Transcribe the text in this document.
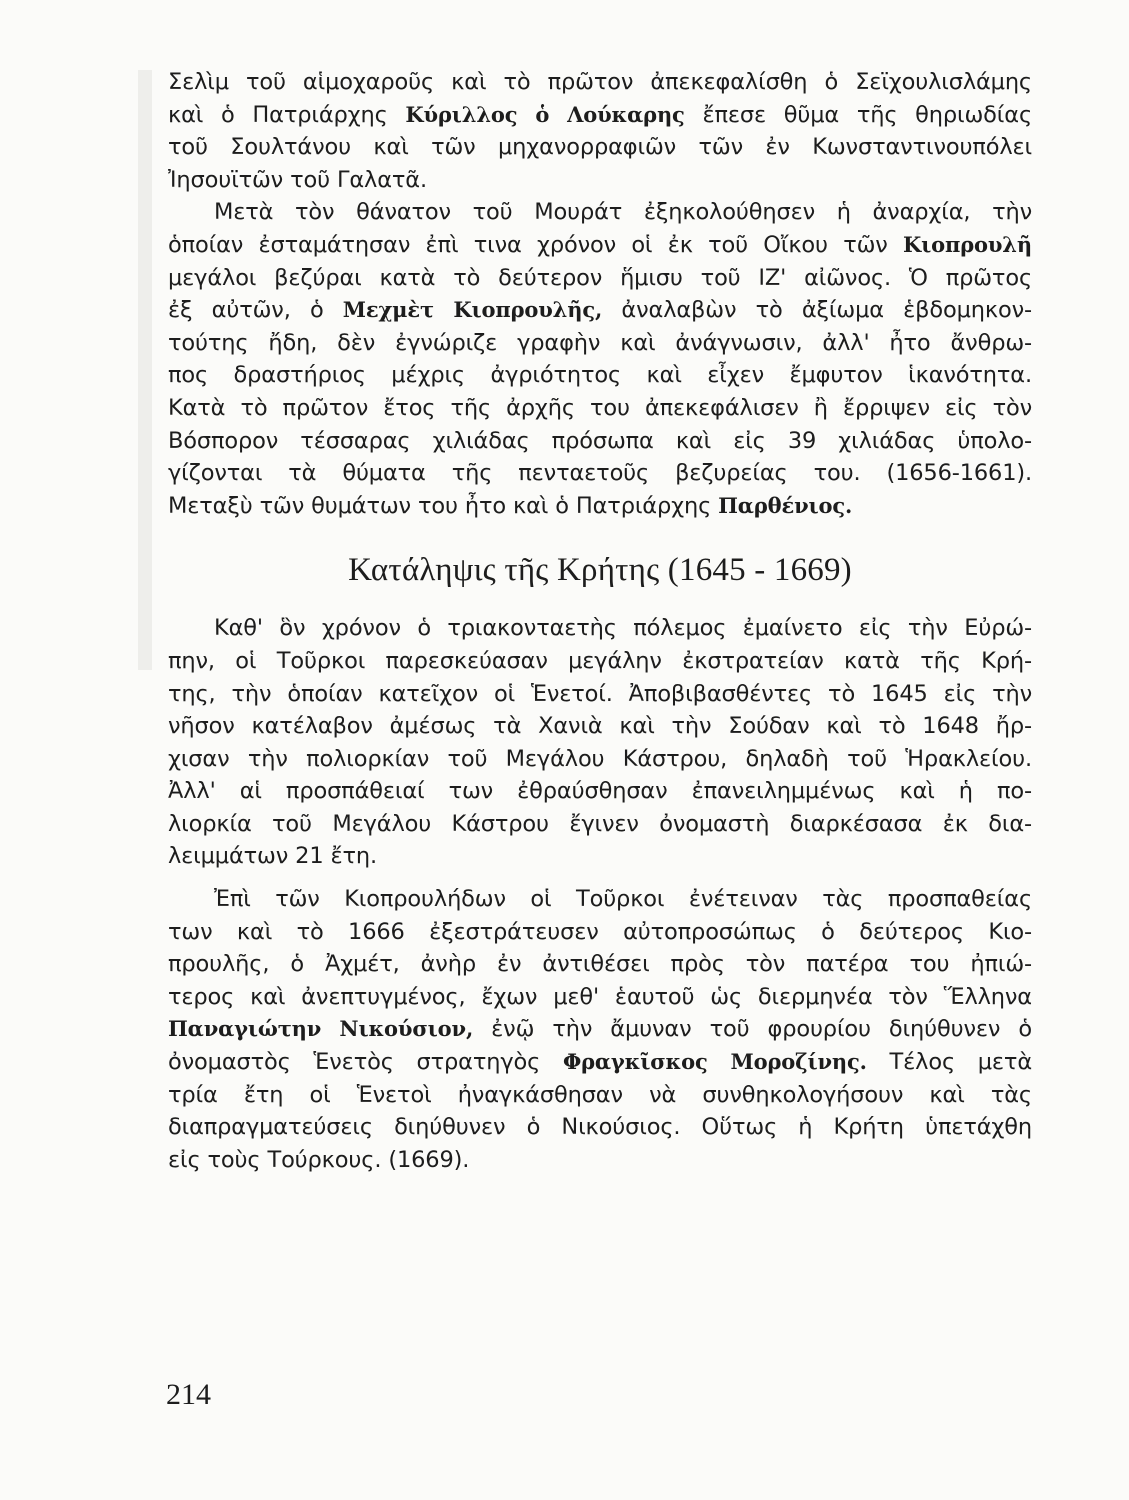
Σελὶμ τοῦ αἱμοχαροῦς καὶ τὸ πρῶτον ἀπεκεφαλίσθη ὁ Σεϊχουλισλάμης
καὶ ὁ Πατριάρχης Κύριλλος ὁ Λούκαρης ἔπεσε θῦμα τῆς θηριωδίας
τοῦ Σουλτάνου καὶ τῶν μηχανορραφιῶν τῶν ἐν Κωνσταντινουπόλει
Ἰησουϊτῶν τοῦ Γαλατᾶ.
Μετὰ τὸν θάνατον τοῦ Μουράτ ἐξηκολούθησεν ἡ ἀναρχία, τὴν
ὁποίαν ἐσταμάτησαν ἐπὶ τινα χρόνον οἱ ἐκ τοῦ Οἴκου τῶν Κιοπρουλῆ
μεγάλοι βεζύραι κατὰ τὸ δεύτερον ἥμισυ τοῦ ΙΖ' αἰῶνος. Ὁ πρῶτος
ἐξ αὐτῶν, ὁ Μεχμὲτ Κιοπρουλῆς, ἀναλαβὼν τὸ ἀξίωμα ἑβδομηκον-
τούτης ἤδη, δὲν ἐγνώριζε γραφὴν καὶ ἀνάγνωσιν, ἀλλ' ἦτο ἄνθρω-
πος δραστήριος μέχρις ἀγριότητος καὶ εἶχεν ἔμφυτον ἱκανότητα.
Κατὰ τὸ πρῶτον ἔτος τῆς ἀρχῆς του ἀπεκεφάλισεν ἢ ἔρριψεν εἰς τὸν
Βόσπορον τέσσαρας χιλιάδας πρόσωπα καὶ εἰς 39 χιλιάδας ὑπολο-
γίζονται τὰ θύματα τῆς πενταετοῦς βεζυρείας του. (1656-1661).
Μεταξὺ τῶν θυμάτων του ἦτο καὶ ὁ Πατριάρχης Παρθένιος.
Κατάληψις τῆς Κρήτης (1645 - 1669)
Καθ' ὃν χρόνον ὁ τριακονταετὴς πόλεμος ἐμαίνετο εἰς τὴν Εὐρώ-
πην, οἱ Τοῦρκοι παρεσκεύασαν μεγάλην ἐκστρατείαν κατὰ τῆς Κρή-
της, τὴν ὁποίαν κατεῖχον οἱ Ἑνετοί. Ἀποβιβασθέντες τὸ 1645 εἰς τὴν
νῆσον κατέλαβον ἀμέσως τὰ Χανιὰ καὶ τὴν Σούδαν καὶ τὸ 1648 ἤρ-
χισαν τὴν πολιορκίαν τοῦ Μεγάλου Κάστρου, δηλαδὴ τοῦ Ἡρακλείου.
Ἀλλ' αἱ προσπάθειαί των ἐθραύσθησαν ἐπανειλημμένως καὶ ἡ πο-
λιορκία τοῦ Μεγάλου Κάστρου ἔγινεν ὀνομαστὴ διαρκέσασα ἐκ δια-
λειμμάτων 21 ἔτη.
Ἐπὶ τῶν Κιοπρουλήδων οἱ Τοῦρκοι ἐνέτειναν τὰς προσπαθείας
των καὶ τὸ 1666 ἐξεστράτευσεν αὐτοπροσώπως ὁ δεύτερος Κιο-
προυλῆς, ὁ Ἀχμέτ, ἀνὴρ ἐν ἀντιθέσει πρὸς τὸν πατέρα του ἠπιώ-
τερος καὶ ἀνεπτυγμένος, ἔχων μεθ' ἑαυτοῦ ὡς διερμηνέα τὸν Ἕλληνα
Παναγιώτην Νικούσιον, ἐνῷ τὴν ἄμυναν τοῦ φρουρίου διηύθυνεν ὁ
ὀνομαστὸς Ἑνετὸς στρατηγὸς Φραγκῖσκος Μοροζίνης. Τέλος μετὰ
τρία ἔτη οἱ Ἑνετοὶ ἠναγκάσθησαν νὰ συνθηκολογήσουν καὶ τὰς
διαπραγματεύσεις διηύθυνεν ὁ Νικούσιος. Οὕτως ἡ Κρήτη ὑπετάχθη
εἰς τοὺς Τούρκους. (1669).
214
